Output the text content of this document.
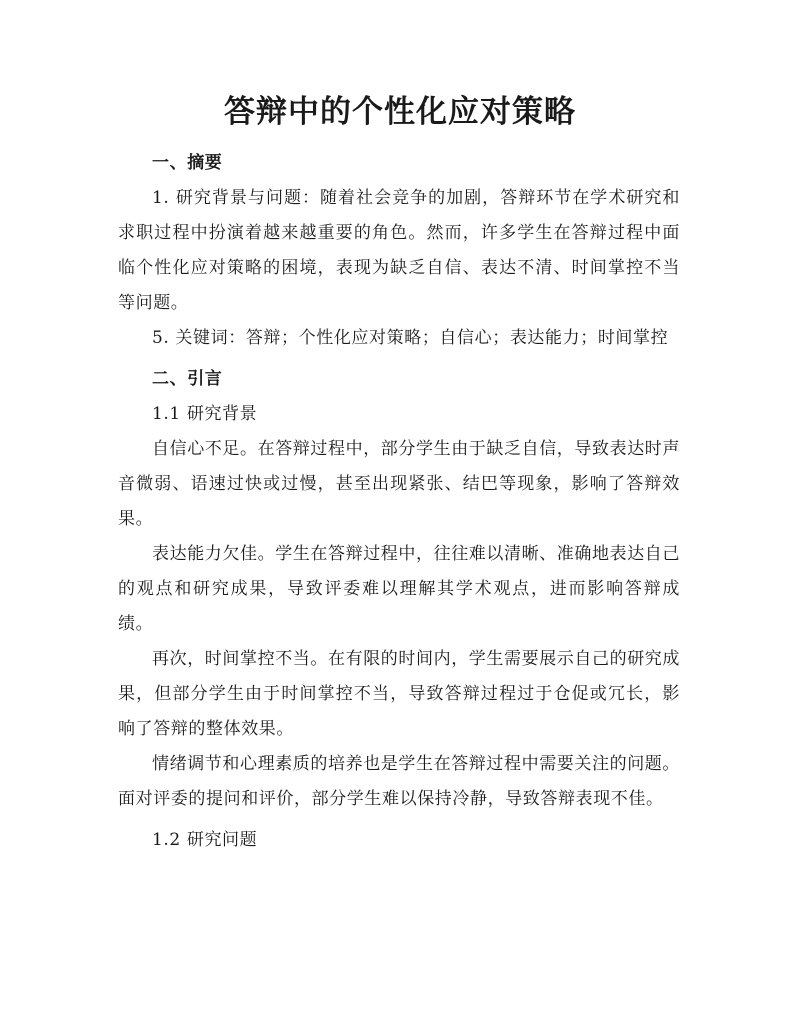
答辩中的个性化应对策略
一、摘要

1. 研究背景与问题：随着社会竞争的加剧，答辩环节在学术研究和求职过程中扮演着越来越重要的角色。然而，许多学生在答辩过程中面临个性化应对策略的困境，表现为缺乏自信、表达不清、时间掌控不当等问题。

5. 关键词：答辩；个性化应对策略；自信心；表达能力；时间掌控

二、引言

1.1 研究背景

自信心不足。在答辩过程中，部分学生由于缺乏自信，导致表达时声音微弱、语速过快或过慢，甚至出现紧张、结巴等现象，影响了答辩效果。

表达能力欠佳。学生在答辩过程中，往往难以清晰、准确地表达自己的观点和研究成果，导致评委难以理解其学术观点，进而影响答辩成绩。

再次，时间掌控不当。在有限的时间内，学生需要展示自己的研究成果，但部分学生由于时间掌控不当，导致答辩过程过于仓促或冗长，影响了答辩的整体效果。

情绪调节和心理素质的培养也是学生在答辩过程中需要关注的问题。面对评委的提问和评价，部分学生难以保持冷静，导致答辩表现不佳。

1.2 研究问题
